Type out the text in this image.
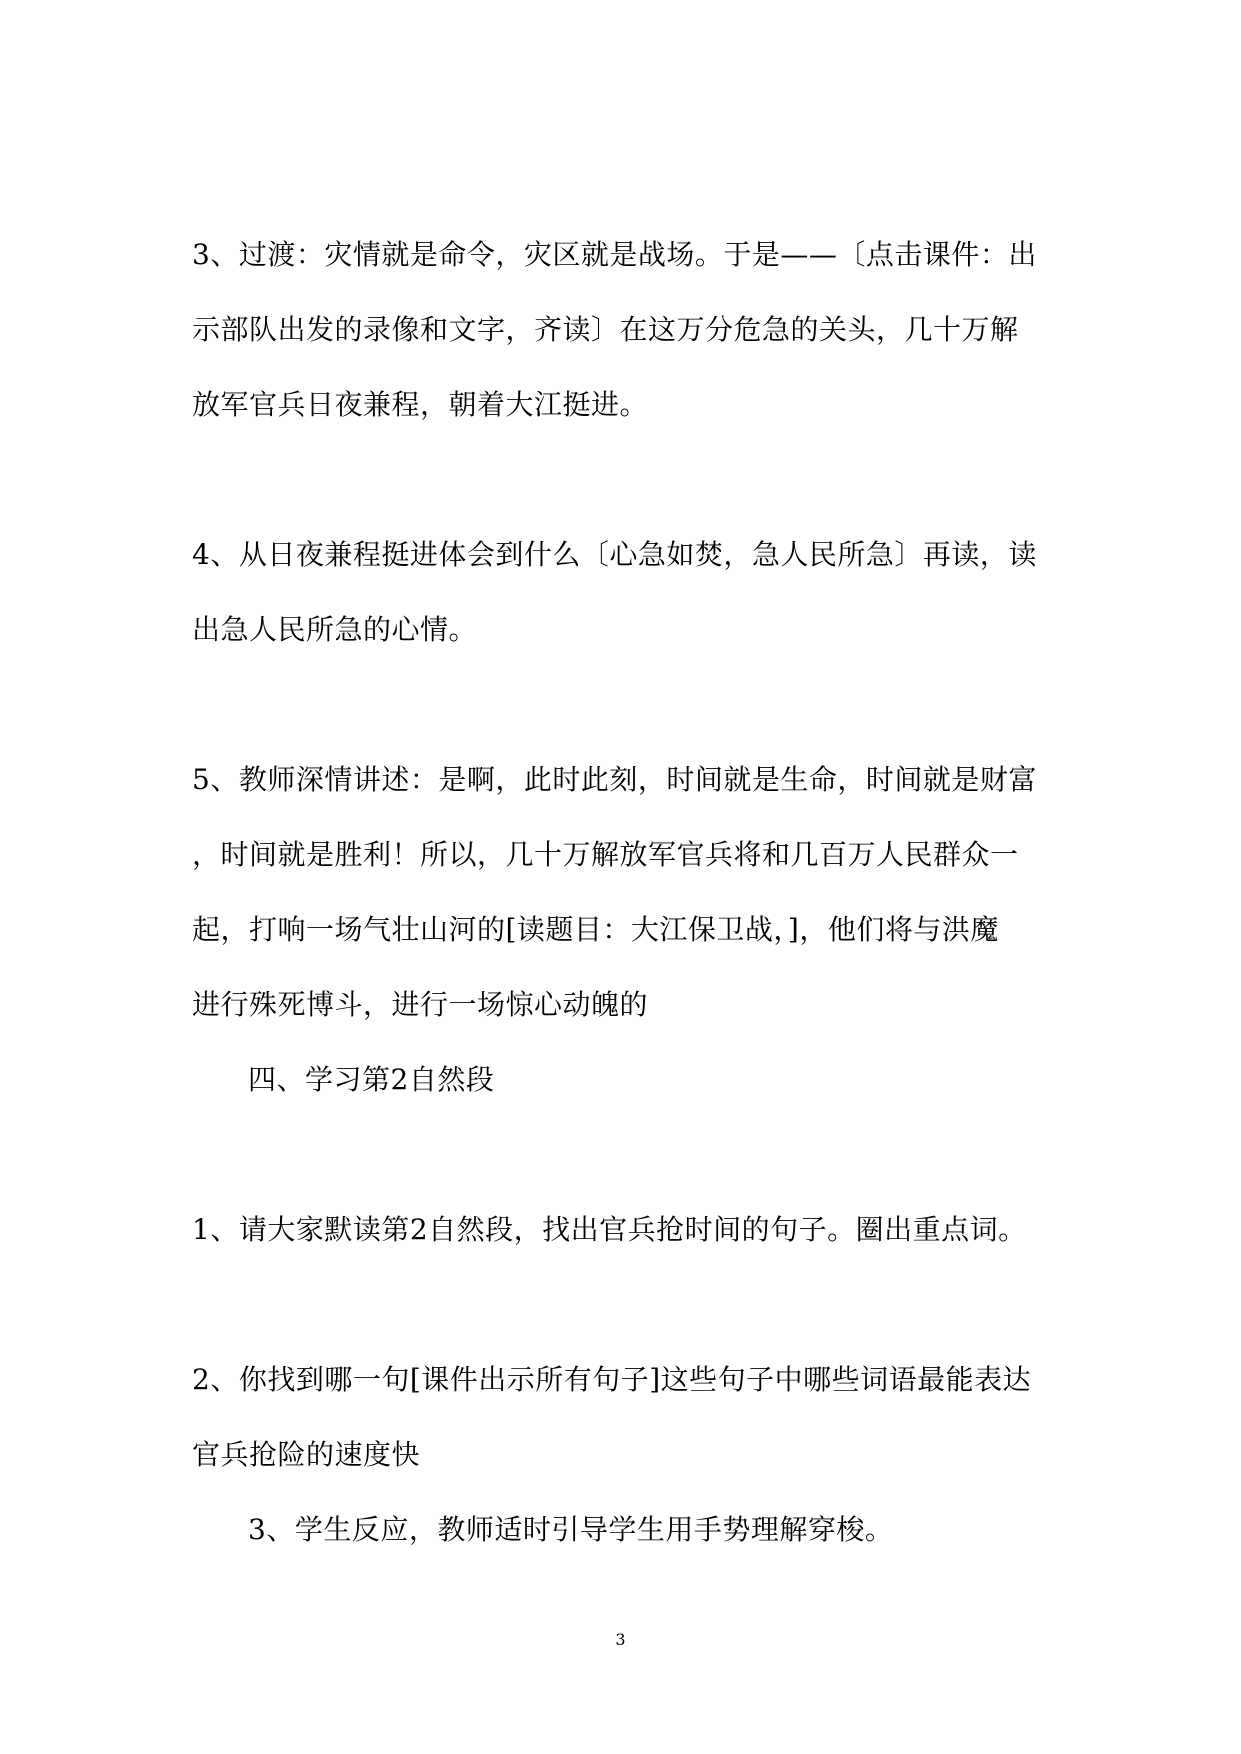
3、过渡：灾情就是命令，灾区就是战场。于是——〔点击课件：出
示部队出发的录像和文字，齐读〕在这万分危急的关头，几十万解
放军官兵日夜兼程，朝着大江挺进。
4、从日夜兼程挺进体会到什么〔心急如焚，急人民所急〕再读，读
出急人民所急的心情。
5、教师深情讲述：是啊，此时此刻，时间就是生命，时间就是财富
，时间就是胜利！所以，几十万解放军官兵将和几百万人民群众一
起，打响一场气壮山河的[读题目：大江保卫战，]，他们将与洪魔
进行殊死博斗，进行一场惊心动魄的
四、学习第2自然段
1、请大家默读第2自然段，找出官兵抢时间的句子。圈出重点词。
2、你找到哪一句[课件出示所有句子]这些句子中哪些词语最能表达
官兵抢险的速度快
3、学生反应，教师适时引导学生用手势理解穿梭。
3
